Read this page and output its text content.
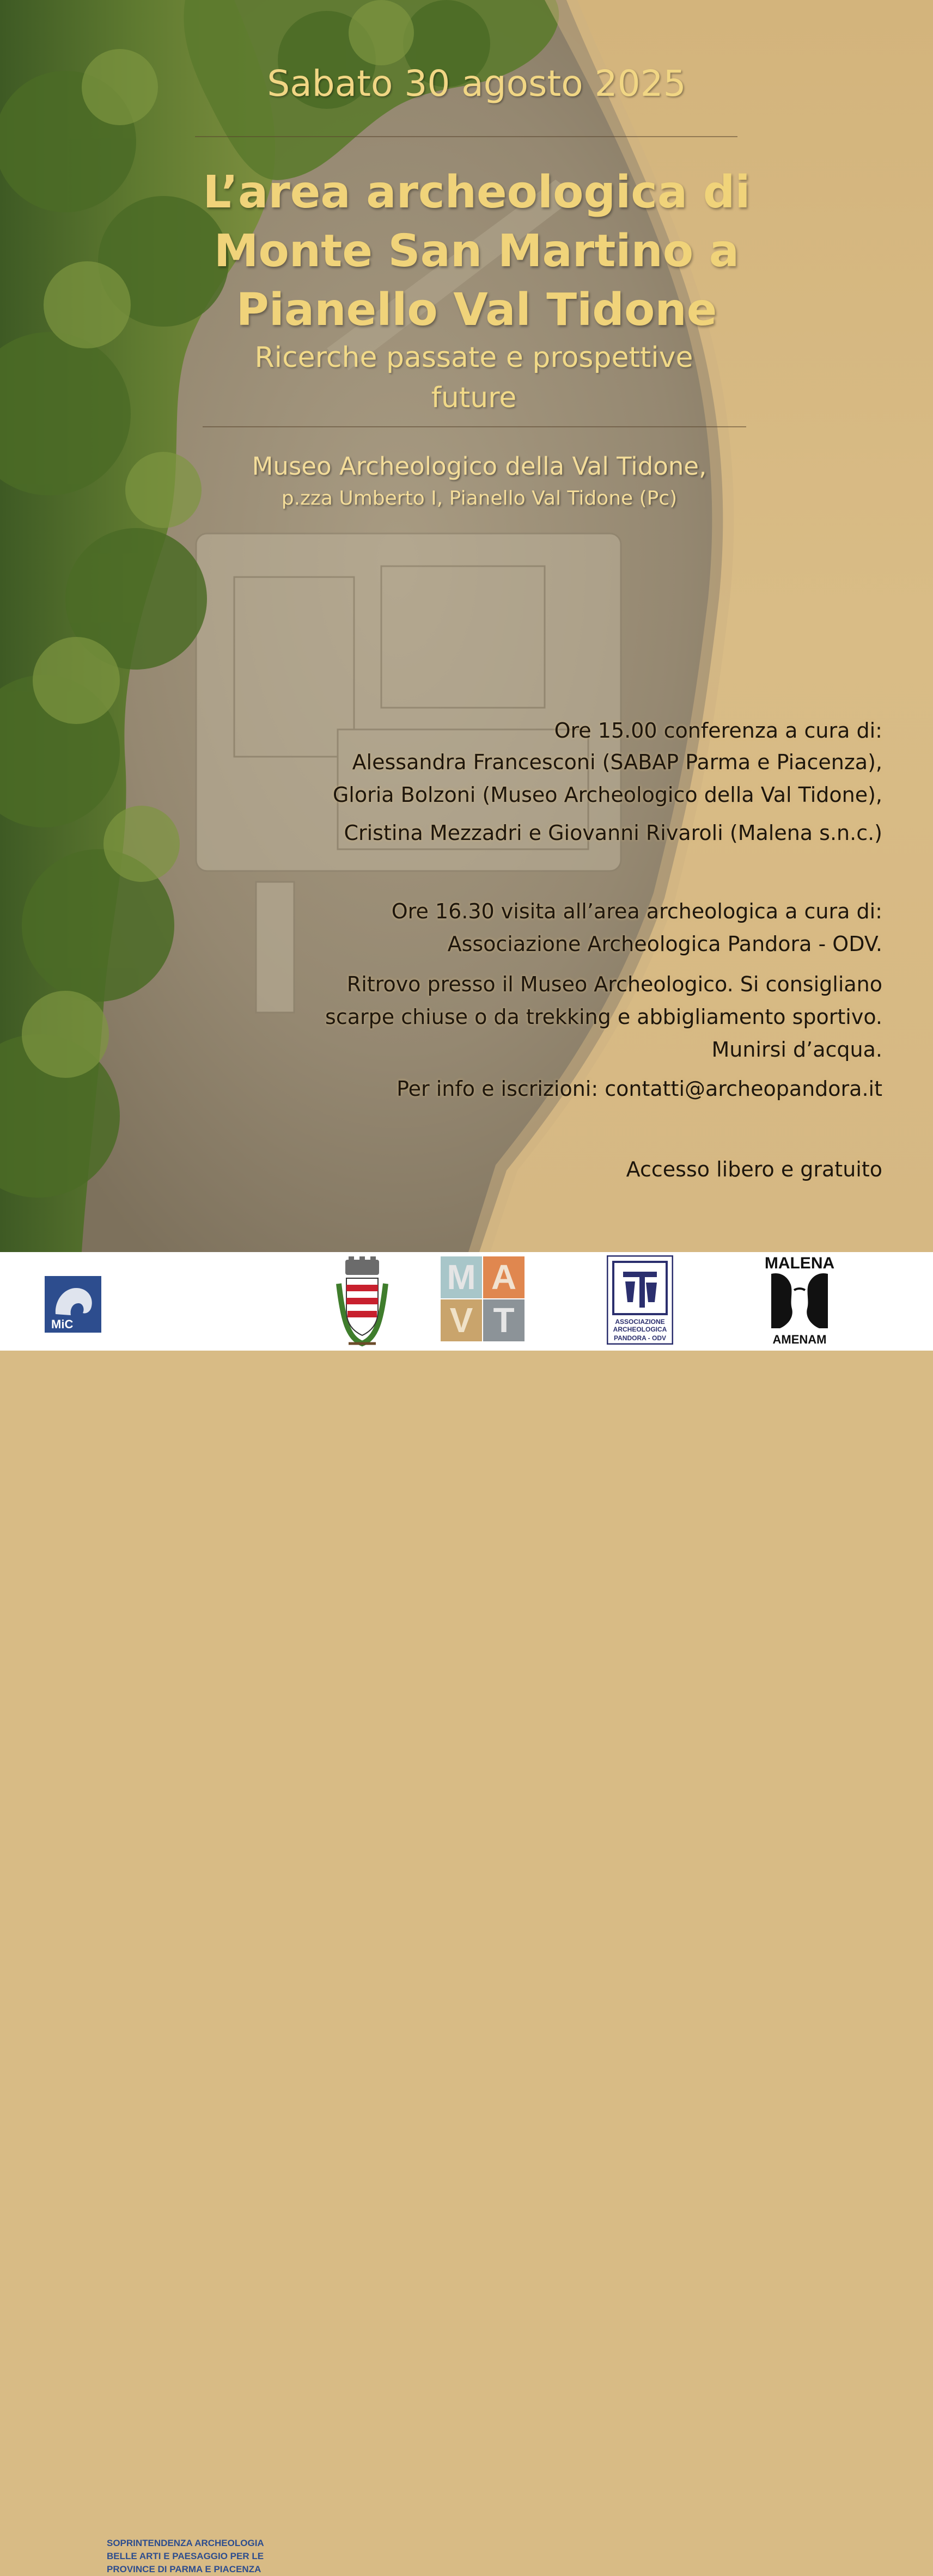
Sabato 30 agosto 2025
L’area archeologica di
Monte San Martino a
Pianello Val Tidone
Ricerche passate e prospettive
future
Museo Archeologico della Val Tidone,
p.zza Umberto I, Pianello Val Tidone (Pc)
Ore 15.00 conferenza a cura di:
Alessandra Francesconi (SABAP Parma e Piacenza),
Gloria Bolzoni (Museo Archeologico della Val Tidone),
Cristina Mezzadri e Giovanni Rivaroli (Malena s.n.c.)
Ore 16.30 visita all’area archeologica a cura di:
Associazione Archeologica Pandora - ODV.
Ritrovo presso il Museo Archeologico. Si consigliano
scarpe chiuse o da trekking e abbigliamento sportivo.
Munirsi d’acqua.
Per info e iscrizioni: contatti@archeopandora.it
Accesso libero e gratuito
MiC
SOPRINTENDENZA ARCHEOLOGIA
BELLE ARTI E PAESAGGIO PER LE
PROVINCE DI PARMA E PIACENZA
M A
V T	ASSOCIAZIONE
ARCHEOLOGICA
PANDORA - ODV
MALENA
AMENAM
